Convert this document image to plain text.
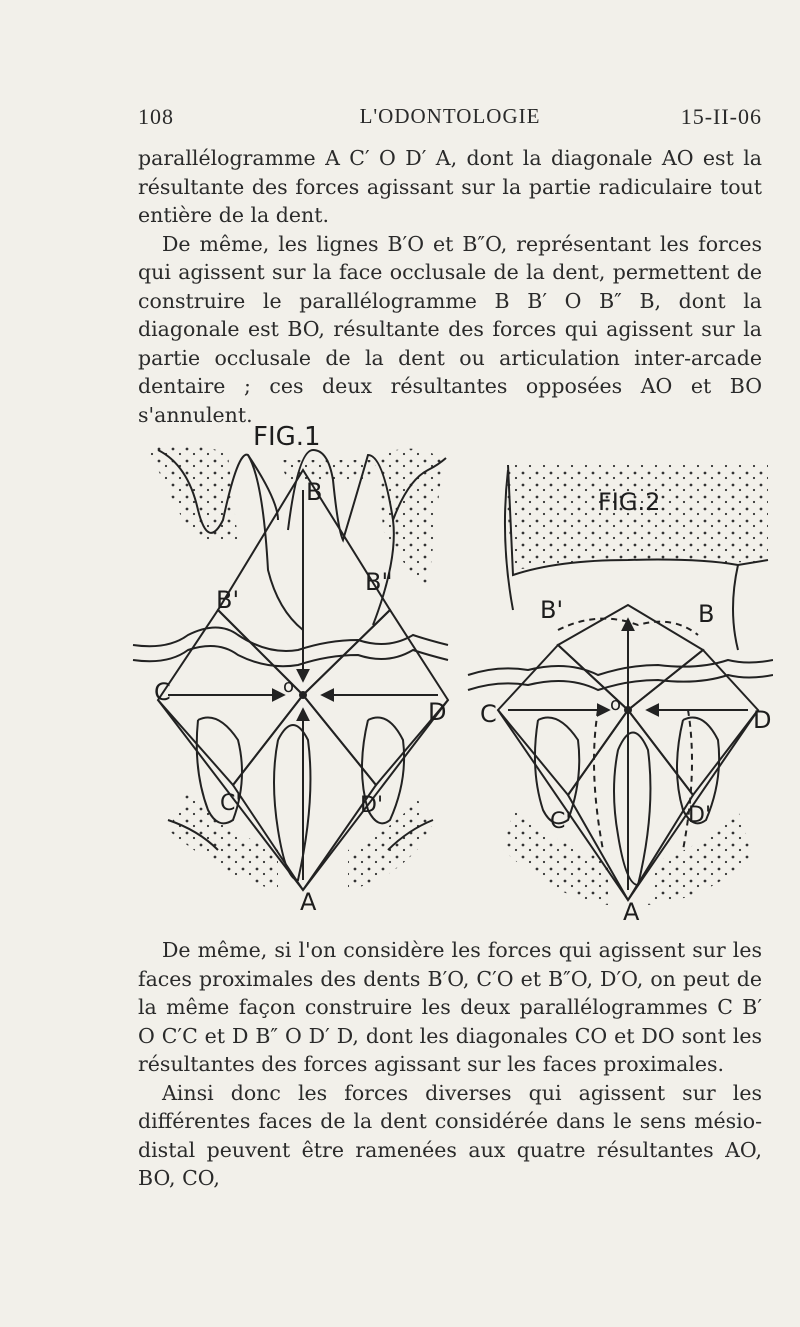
108	L'ODONTOLOGIE	15-II-06

parallélogramme A C′ O D′ A, dont la diagonale AO est la résultante des forces agissant sur la partie radiculaire tout entière de la dent.

De même, les lignes B′O et B″O, représentant les forces qui agissent sur la face occlusale de la dent, permettent de construire le parallélogramme B B′ O B″ B, dont la diagonale est BO, résultante des forces qui agissent sur la partie occlusale de la dent ou articulation inter-arcade dentaire ; ces deux résultantes opposées AO et BO s'annulent.

FIG.1
B
B'
B"
C
D
o
C'	D'
A
FIG.2
B'	B
C	D
o
C'	D'
A

De même, si l'on considère les forces qui agissent sur les faces proximales des dents B′O, C′O et B″O, D′O, on peut de la même façon construire les deux parallélogrammes C B′ O C′C et D B″ O D′ D, dont les diagonales CO et DO sont les résultantes des forces agissant sur les faces proximales.

Ainsi donc les forces diverses qui agissent sur les différentes faces de la dent considérée dans le sens mésio-distal peuvent être ramenées aux quatre résultantes AO, BO, CO,
